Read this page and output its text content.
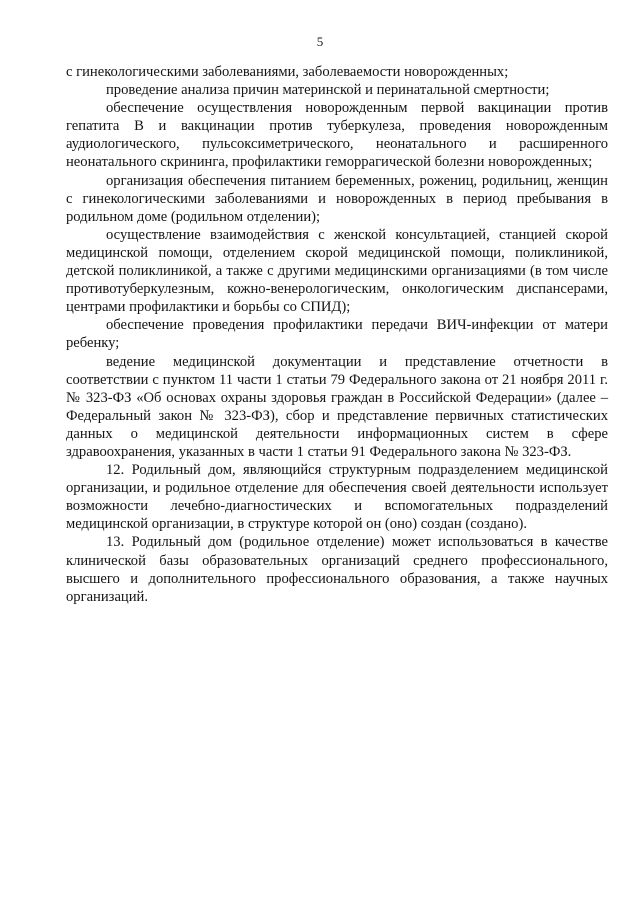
5

с гинекологическими заболеваниями, заболеваемости новорожденных;

проведение анализа причин материнской и перинатальной смертности;

обеспечение осуществления новорожденным первой вакцинации против гепатита В и вакцинации против туберкулеза, проведения новорожденным аудиологического, пульсоксиметрического, неонатального и расширенного неонатального скрининга, профилактики геморрагической болезни новорожденных;

организация обеспечения питанием беременных, рожениц, родильниц, женщин с гинекологическими заболеваниями и новорожденных в период пребывания в родильном доме (родильном отделении);

осуществление взаимодействия с женской консультацией, станцией скорой медицинской помощи, отделением скорой медицинской помощи, поликлиникой, детской поликлиникой, а также с другими медицинскими организациями (в том числе противотуберкулезным, кожно-венерологическим, онкологическим диспансерами, центрами профилактики и борьбы со СПИД);

обеспечение проведения профилактики передачи ВИЧ-инфекции от матери ребенку;

ведение медицинской документации и представление отчетности в соответствии с пунктом 11 части 1 статьи 79 Федерального закона от 21 ноября 2011 г. № 323-ФЗ «Об основах охраны здоровья граждан в Российской Федерации» (далее – Федеральный закон № 323-ФЗ), сбор и представление первичных статистических данных о медицинской деятельности информационных систем в сфере здравоохранения, указанных в части 1 статьи 91 Федерального закона № 323-ФЗ.

12. Родильный дом, являющийся структурным подразделением медицинской организации, и родильное отделение для обеспечения своей деятельности использует возможности лечебно-диагностических и вспомогательных подразделений медицинской организации, в структуре которой он (оно) создан (создано).

13. Родильный дом (родильное отделение) может использоваться в качестве клинической базы образовательных организаций среднего профессионального, высшего и дополнительного профессионального образования, а также научных организаций.
